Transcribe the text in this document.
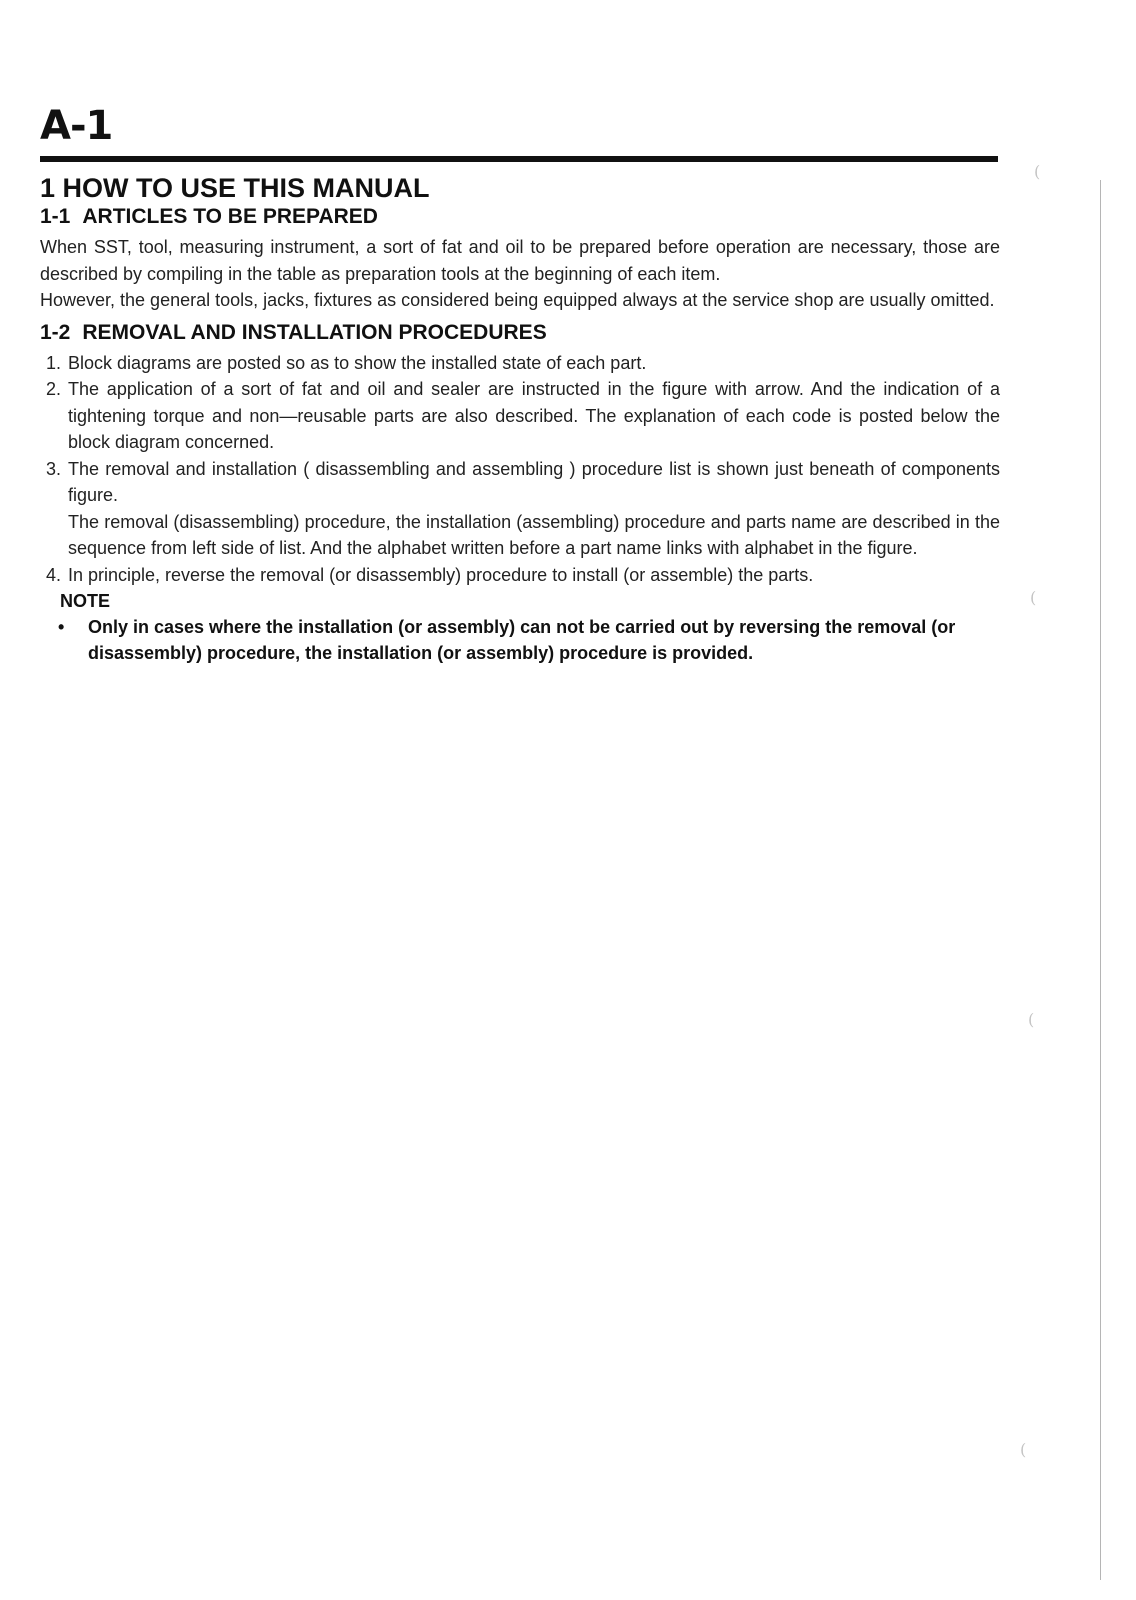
A-1
1 HOW TO USE THIS MANUAL
1-1 ARTICLES TO BE PREPARED

When SST, tool, measuring instrument, a sort of fat and oil to be prepared before operation are necessary, those are described by compiling in the table as preparation tools at the beginning of each item.

However, the general tools, jacks, fixtures as considered being equipped always at the service shop are usually omitted.

1-2 REMOVAL AND INSTALLATION PROCEDURES
1. Block diagrams are posted so as to show the installed state of each part.

2. The application of a sort of fat and oil and sealer are instructed in the figure with arrow. And the indication of a tightening torque and non—reusable parts are also described. The explanation of each code is posted below the block diagram concerned.

3. The removal and installation ( disassembling and assembling ) procedure list is shown just beneath of components figure.

The removal (disassembling) procedure, the installation (assembling) procedure and parts name are described in the sequence from left side of list. And the alphabet written before a part name links with alphabet in the figure.

4. In principle, reverse the removal (or disassembly) procedure to install (or assemble) the parts.

NOTE
• Only in cases where the installation (or assembly) can not be carried out by reversing the removal (or disassembly) procedure, the installation (or assembly) procedure is provided.
(
(
(
(
